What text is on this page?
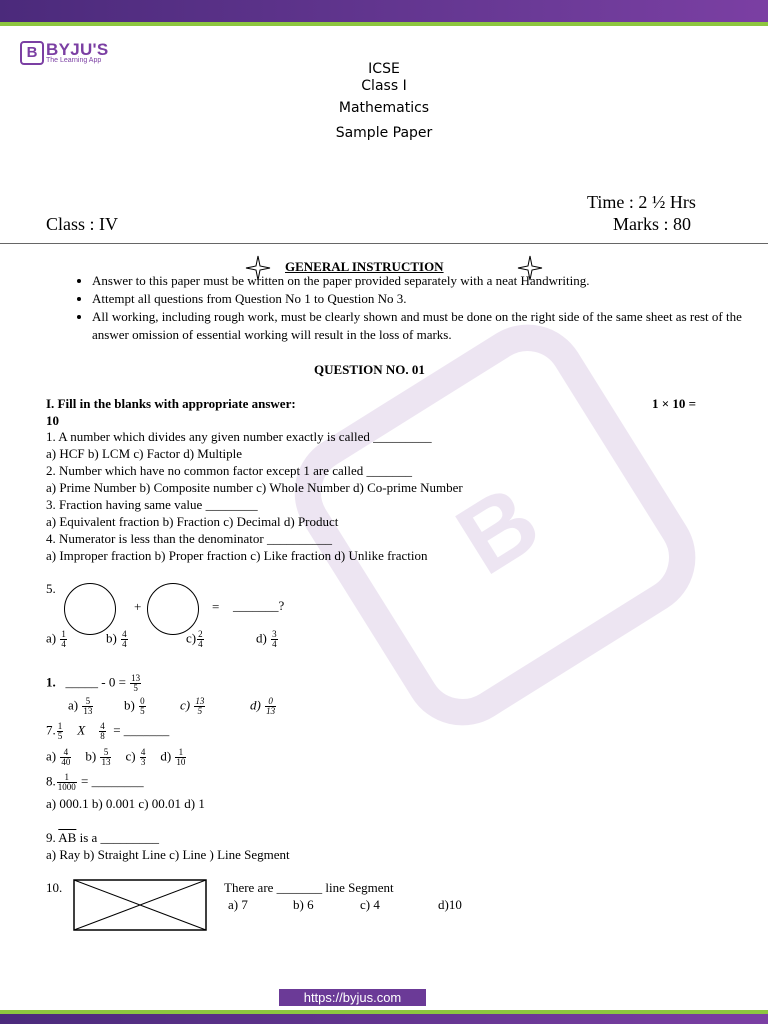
B BYJU'S
The Learning App
B
ICSE
Class I
Mathematics
Sample Paper
Time : 2 ½ Hrs
Marks : 80
Class : IV
GENERAL INSTRUCTION
• Answer to this paper must be written on the paper provided separately with a neat Handwriting.
• Attempt all questions from Question No 1 to Question No 3.
• All working, including rough work, must be clearly shown and must be done on the right side of the same sheet as rest of the answer omission of essential working will result in the loss of marks.
QUESTION NO. 01
I. Fill in the blanks with appropriate answer:	1 × 10 =
10
1. A number which divides any given number exactly is called _________
a) HCF b) LCM c) Factor d) Multiple
2. Number which have no common factor except 1 are called _______
a) Prime Number b) Composite number c) Whole Number d) Co-prime Number
3. Fraction having same value ________
a) Equivalent fraction b) Fraction c) Decimal d) Product
4. Numerator is less than the denominator __________
a) Improper fraction b) Proper fraction c) Like fraction d) Unlike fraction
5.
+	= _______?
$a) \frac{1}{4}$	$b) \frac{4}{4}$	$c) \frac{2}{4}$	$d) \frac{3}{4}$
1. _____ - $0 = \frac{13}{5}$
$a) \frac{5}{13} b) \frac{0}{5}$	$c) \frac{13}{5}$	$d) \frac{0}{13}$
7. $\frac{1}{5}$ X $\frac{4}{8}$ = _______
$a) \frac{4}{40} b) \frac{5}{13} c) \frac{4}{3} d) \frac{1}{10}$
8. $\frac{1}{1000}$ = ________
a) 000.1 b) 0.001 c) 00.01 d) 1
9. $\overline{AB}$ is a _________
a) Ray b) Straight Line c) Line ) Line Segment
10.	There are _______ line Segment
a) 7	b) 6	c) 4	d)10
https://byjus.com
